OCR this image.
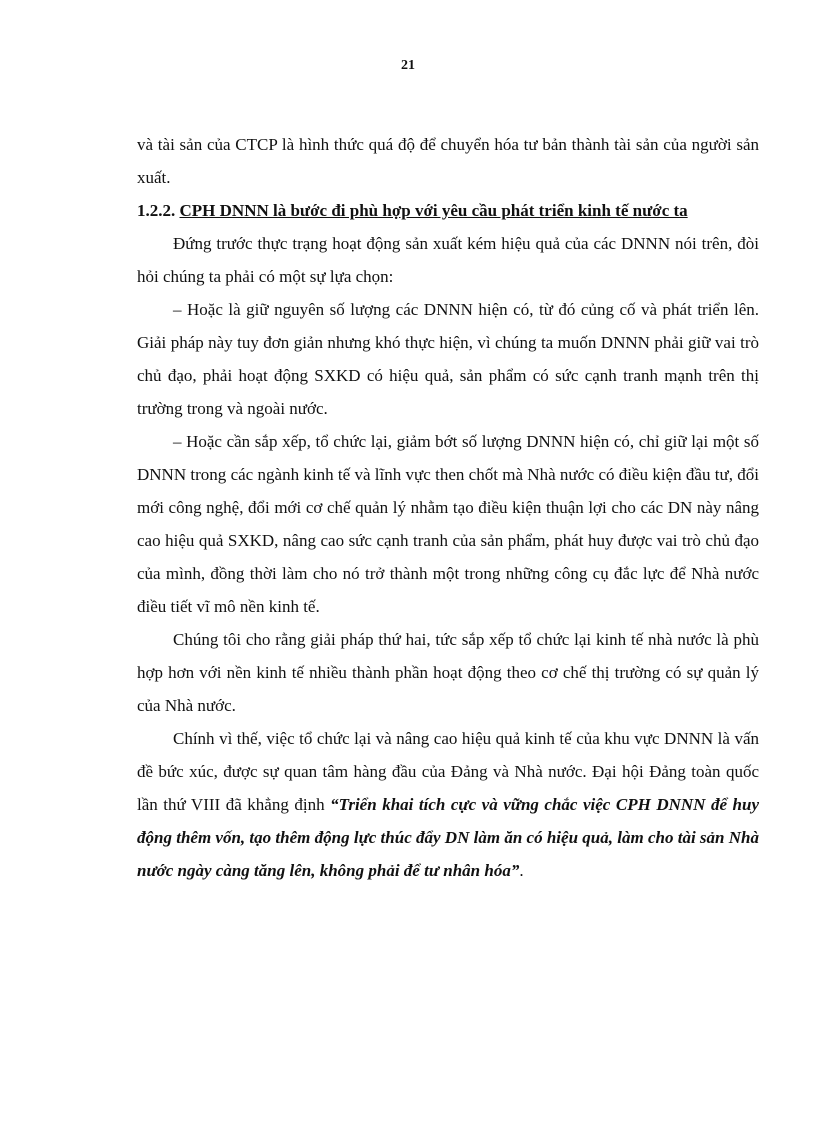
21

và tài sản của CTCP là hình thức quá độ để chuyển hóa tư bản thành tài sản của người sản xuất.

1.2.2. CPH DNNN là bước đi phù hợp với yêu cầu phát triển kinh tế nước ta

Đứng trước thực trạng hoạt động sản xuất kém hiệu quả của các DNNN nói trên, đòi hỏi chúng ta phải có một sự lựa chọn:

– Hoặc là giữ nguyên số lượng các DNNN hiện có, từ đó củng cố và phát triển lên. Giải pháp này tuy đơn giản nhưng khó thực hiện, vì chúng ta muốn DNNN phải giữ vai trò chủ đạo, phải hoạt động SXKD có hiệu quả, sản phẩm có sức cạnh tranh mạnh trên thị trường trong và ngoài nước.

– Hoặc cần sắp xếp, tổ chức lại, giảm bớt số lượng DNNN hiện có, chỉ giữ lại một số DNNN trong các ngành kinh tế và lĩnh vực then chốt mà Nhà nước có điều kiện đầu tư, đổi mới công nghệ, đổi mới cơ chế quản lý nhằm tạo điều kiện thuận lợi cho các DN này nâng cao hiệu quả SXKD, nâng cao sức cạnh tranh của sản phẩm, phát huy được vai trò chủ đạo của mình, đồng thời làm cho nó trở thành một trong những công cụ đắc lực để Nhà nước điều tiết vĩ mô nền kinh tế.

Chúng tôi cho rằng giải pháp thứ hai, tức sắp xếp tổ chức lại kinh tế nhà nước là phù hợp hơn với nền kinh tế nhiều thành phần hoạt động theo cơ chế thị trường có sự quản lý của Nhà nước.

Chính vì thế, việc tổ chức lại và nâng cao hiệu quả kinh tế của khu vực DNNN là vấn đề bức xúc, được sự quan tâm hàng đầu của Đảng và Nhà nước. Đại hội Đảng toàn quốc lần thứ VIII đã khẳng định “Triển khai tích cực và vững chắc việc CPH DNNN để huy động thêm vốn, tạo thêm động lực thúc đẩy DN làm ăn có hiệu quả, làm cho tài sản Nhà nước ngày càng tăng lên, không phải để tư nhân hóa”.
